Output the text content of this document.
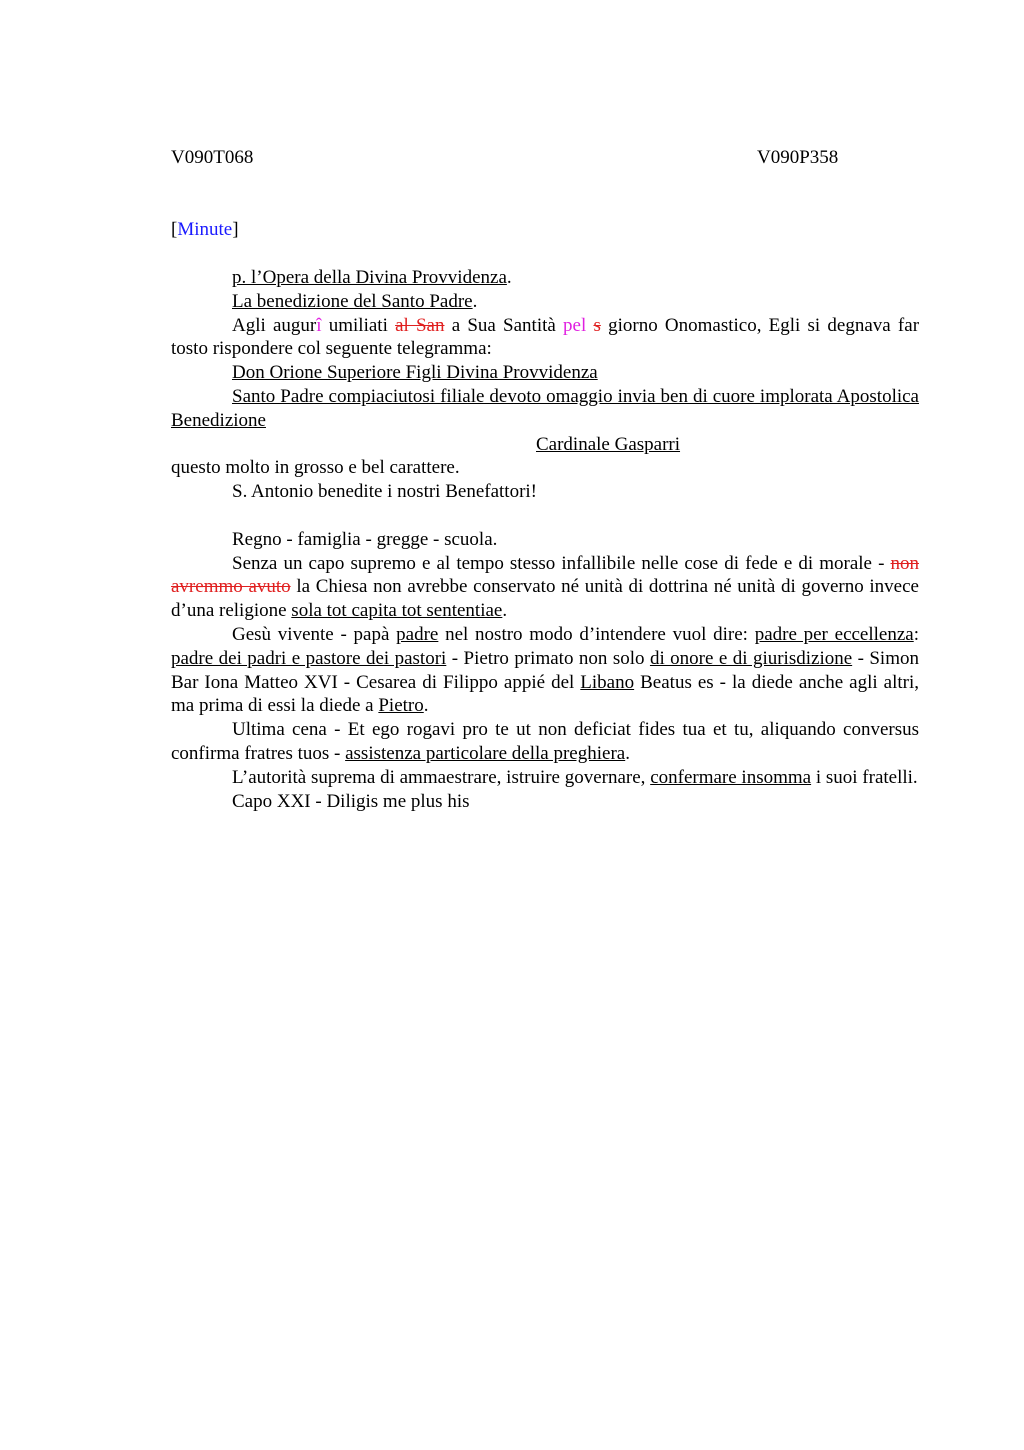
V090T068	V090P358
[Minute]

p. l’Opera della Divina Provvidenza.

La benedizione del Santo Padre.

Agli augurî umiliati al San a Sua Santità pel s giorno Onomastico, Egli si degnava far tosto rispondere col seguente telegramma:

Don Orione Superiore Figli Divina Provvidenza

Santo Padre compiaciutosi filiale devoto omaggio invia ben di cuore implorata Apostolica Benedizione

Cardinale Gasparri

questo molto in grosso e bel carattere.

S. Antonio benedite i nostri Benefattori!

Regno - famiglia - gregge - scuola.

Senza un capo supremo e al tempo stesso infallibile nelle cose di fede e di morale - non avremmo avuto la Chiesa non avrebbe conservato né unità di dottrina né unità di governo invece d’una religione sola tot capita tot sententiae.

Gesù vivente - papà padre nel nostro modo d’intendere vuol dire: padre per eccellenza: padre dei padri e pastore dei pastori - Pietro primato non solo di onore e di giurisdizione - Simon Bar Iona Matteo XVI - Cesarea di Filippo appié del Libano Beatus es - la diede anche agli altri, ma prima di essi la diede a Pietro.

Ultima cena - Et ego rogavi pro te ut non deficiat fides tua et tu, aliquando conversus confirma fratres tuos - assistenza particolare della preghiera.

L’autorità suprema di ammaestrare, istruire governare, confermare insomma i suoi fratelli.

Capo XXI - Diligis me plus his
